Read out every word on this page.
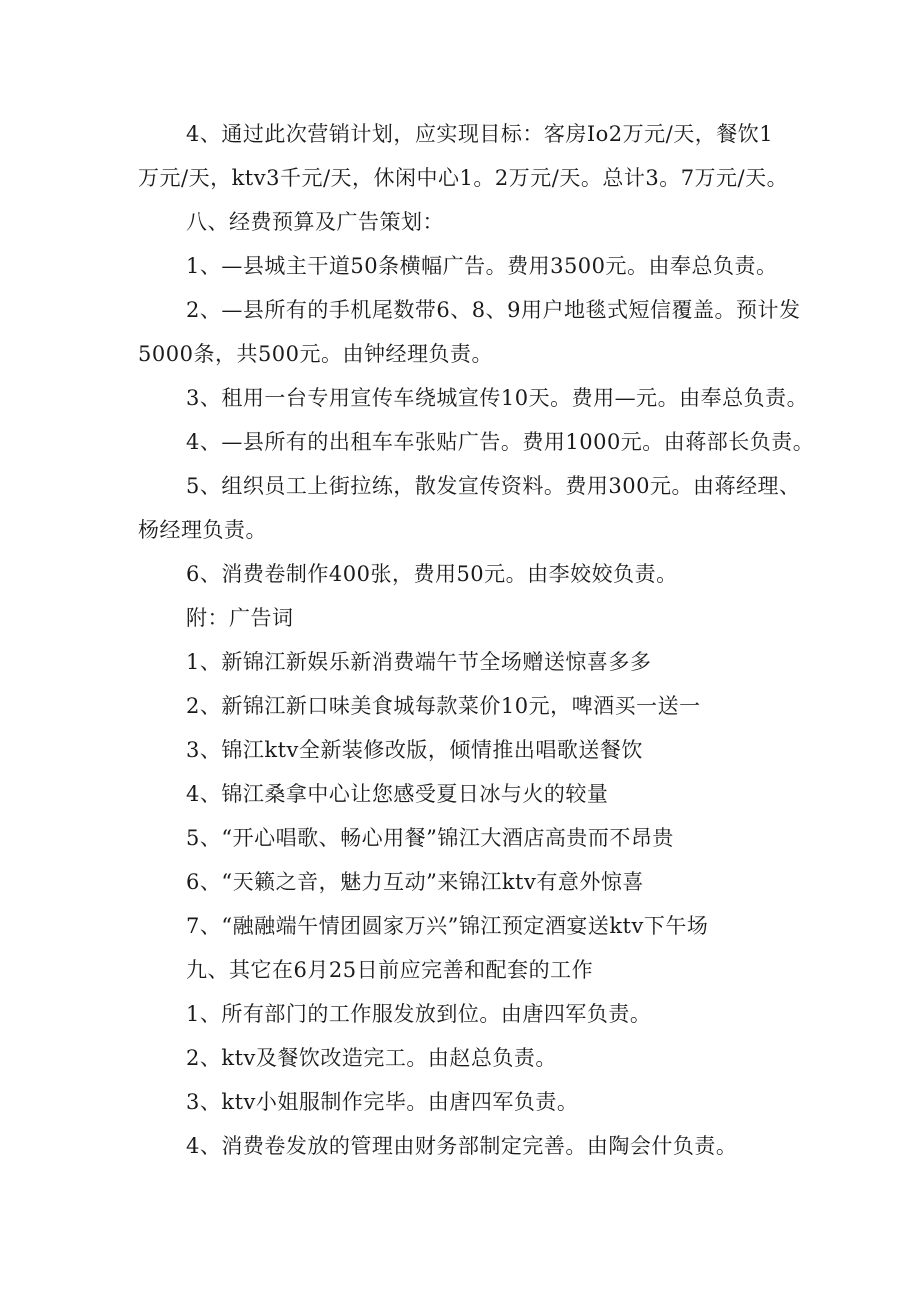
4、通过此次营销计划，应实现目标：客房Io2万元/天，餐饮1

万元/天，ktv3千元/天，休闲中心1。2万元/天。总计3。7万元/天。

八、经费预算及广告策划：

1、—县城主干道50条横幅广告。费用3500元。由奉总负责。

2、—县所有的手机尾数带6、8、9用户地毯式短信覆盖。预计发

5000条，共500元。由钟经理负责。

3、租用一台专用宣传车绕城宣传10天。费用—元。由奉总负责。

4、—县所有的出租车车张贴广告。费用1000元。由蒋部长负责。

5、组织员工上街拉练，散发宣传资料。费用300元。由蒋经理、

杨经理负责。

6、消费卷制作400张，费用50元。由李姣姣负责。

附：广告词

1、新锦江新娱乐新消费端午节全场赠送惊喜多多

2、新锦江新口味美食城每款菜价10元，啤酒买一送一

3、锦江ktv全新装修改版，倾情推出唱歌送餐饮

4、锦江桑拿中心让您感受夏日冰与火的较量

5、“开心唱歌、畅心用餐”锦江大酒店高贵而不昂贵

6、“天籁之音，魅力互动”来锦江ktv有意外惊喜

7、“融融端午情团圆家万兴”锦江预定酒宴送ktv下午场

九、其它在6月25日前应完善和配套的工作

1、所有部门的工作服发放到位。由唐四军负责。

2、ktv及餐饮改造完工。由赵总负责。

3、ktv小姐服制作完毕。由唐四军负责。

4、消费卷发放的管理由财务部制定完善。由陶会什负责。
